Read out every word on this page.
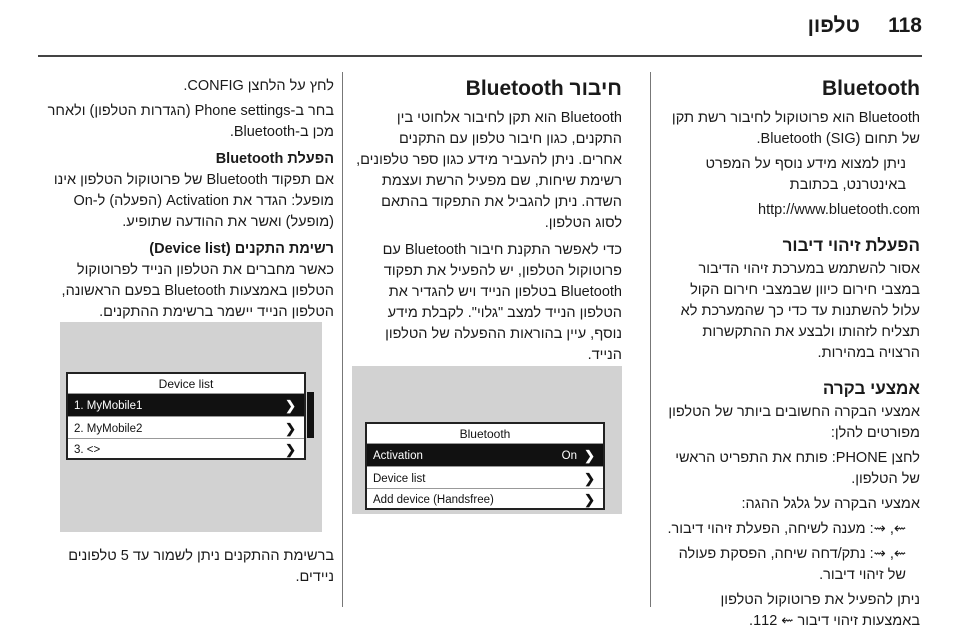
118
טלפון
Bluetooth

Bluetooth הוא פרוטוקול לחיבור רשת תקן של תחום (SIG) Bluetooth.

ניתן למצוא מידע נוסף על המפרט באינטרנט, בכתובת

http://www.bluetooth.com
הפעלת זיהוי דיבור

אסור להשתמש במערכת זיהוי הדיבור במצבי חירום כיוון שבמצבי חירום הקול עלול להשתנות עד כדי כך שהמערכת לא תצליח לזהותו ולבצע את ההתקשרות הרצויה במהירות.

אמצעי בקרה

אמצעי הבקרה החשובים ביותר של הטלפון מפורטים להלן:

לחצן PHONE: פותח את התפריט הראשי של הטלפון.

אמצעי הבקרה על גלגל ההגה:

⇜, ⇝: מענה לשיחה, הפעלת זיהוי דיבור.

⇜, ⇝: נתק/דחה שיחה, הפסקת פעולה של זיהוי דיבור.

ניתן להפעיל את פרוטוקול הטלפון באמצעות זיהוי דיבור ⇜ 112.

חיבור Bluetooth

Bluetooth הוא תקן לחיבור אלחוטי בין התקנים, כגון חיבור טלפון עם התקנים אחרים. ניתן להעביר מידע כגון ספר טלפונים, רשימת שיחות, שם מפעיל הרשת ועצמת השדה. ניתן להגביל את התפקוד בהתאם לסוג הטלפון.

כדי לאפשר התקנת חיבור Bluetooth עם פרוטוקול הטלפון, יש להפעיל את תפקוד Bluetooth בטלפון הנייד ויש להגדיר את הטלפון הנייד למצב "גלוי". לקבלת מידע נוסף, עיין בהוראות ההפעלה של הטלפון הנייד.

Bluetooth
Activation	On ❯
Device list	❯
Add device (Handsfree)	❯

לחץ על הלחצן CONFIG.

בחר ב-Phone settings (הגדרות הטלפון) ולאחר מכן ב-Bluetooth.

הפעלת Bluetooth

אם תפקוד Bluetooth של פרוטוקול הטלפון אינו מופעל: הגדר את Activation (הפעלה) ל-On (מופעל) ואשר את ההודעה שתופיע.

רשימת התקנים (Device list)

כאשר מחברים את הטלפון הנייד לפרוטוקול הטלפון באמצעות Bluetooth בפעם הראשונה, הטלפון הנייד יישמר ברשימת ההתקנים.

Device list
1. MyMobile1	❯
2. MyMobile2	❯
3. <>	❯

ברשימת ההתקנים ניתן לשמור עד 5 טלפונים ניידים.
